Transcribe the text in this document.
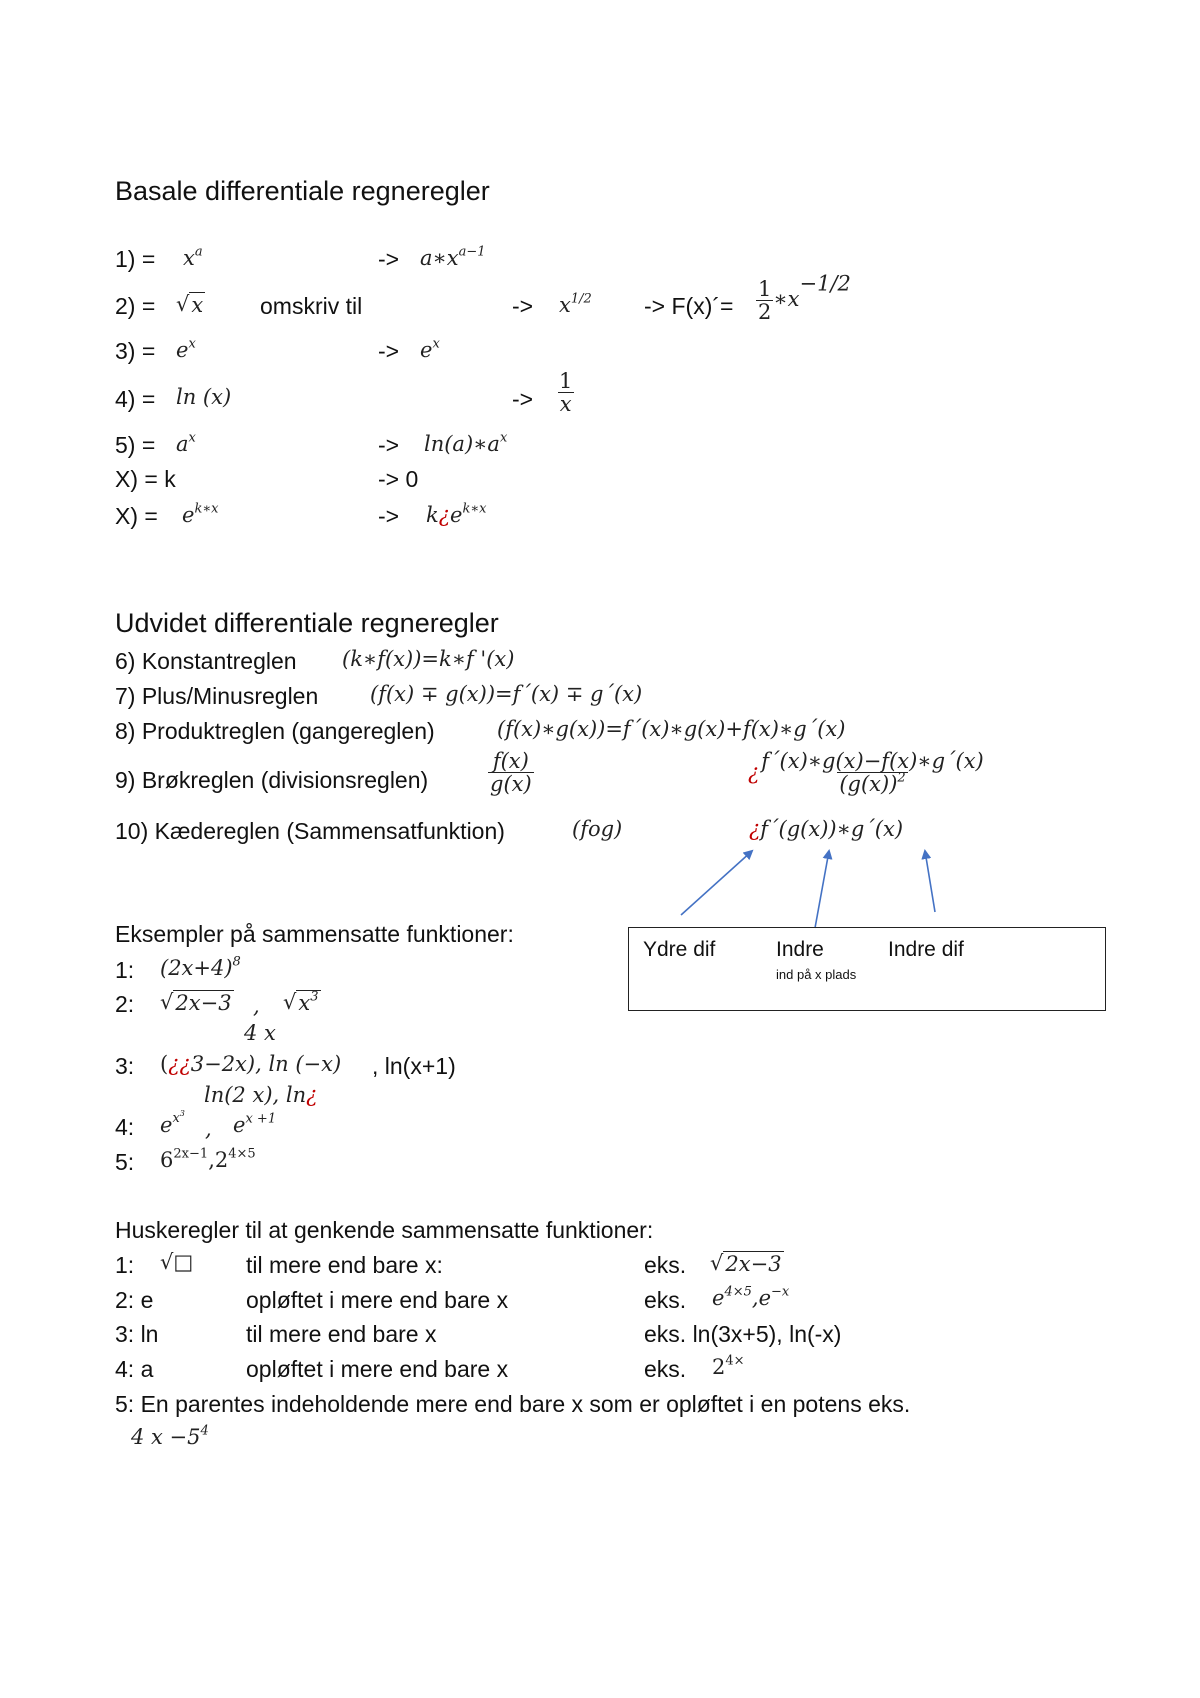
Basale differentiale regneregler
$1) = x^a$	-> $a∗x^{a-1}$
2) = √ x omskriv til	-> $x^{1/2}$ -> F(x)´= $\frac{1}{2}$ $∗x^{-1/2}$
$3) = e^x$	-> $e^x$
4) = ln (x)	-> $\frac{1}{x}$
$5) = a^x$	-> $\ln(a)∗a^x$
X) = k	-> 0
$X) = e^{k∗x}$	-> $k¿e^{k∗x}$
Udvidet differentiale regneregler
6) Konstantreglen (k∗f(x))=k∗f '(x)
7) Plus/Minusreglen (f(x) ∓ g(x))=f´(x) ∓ g´(x)
8) Produktreglen (gangereglen)	(f(x)∗g(x))=f´(x)∗g(x)+f(x)∗g´(x)
9) Brøkreglen (divisionsreglen)	$\frac{f(x)}{g(x)}$	¿ $\frac{f´(x)∗g(x)-f(x)∗g´(x)}{(g(x))^2}$
10) Kædereglen (Sammensatfunktion)	(fog)	¿f´(g(x))∗g´(x)
Ydre dif	Indre
ind på x plads
Indre dif
Eksempler på sammensatte funktioner:
1: $(2x+4)^8$
2: √ 2x−3 , √ $x^3$
4 x
3: (¿¿3−2x), ln (−x) , ln(x+1)
ln(2 x), ln¿
4: $e^{x^3}$
, $e^{x +1}$
5: $6^{2x-1},2^{4\times 5}$
Huskeregler til at genkende sammensatte funktioner:
1: √□ til mere end bare x:	eks. √ 2x−3
2: e	opløftet i mere end bare x	eks. $e^{4\times 5},e^{-x}$
3: ln	til mere end bare x	eks. ln(3x+5), ln(-x)
4: a	opløftet i mere end bare x	eks. $2^{4\times}$
5: En parentes indeholdende mere end bare x som er opløftet i en potens eks.
4 $x -5^4$
